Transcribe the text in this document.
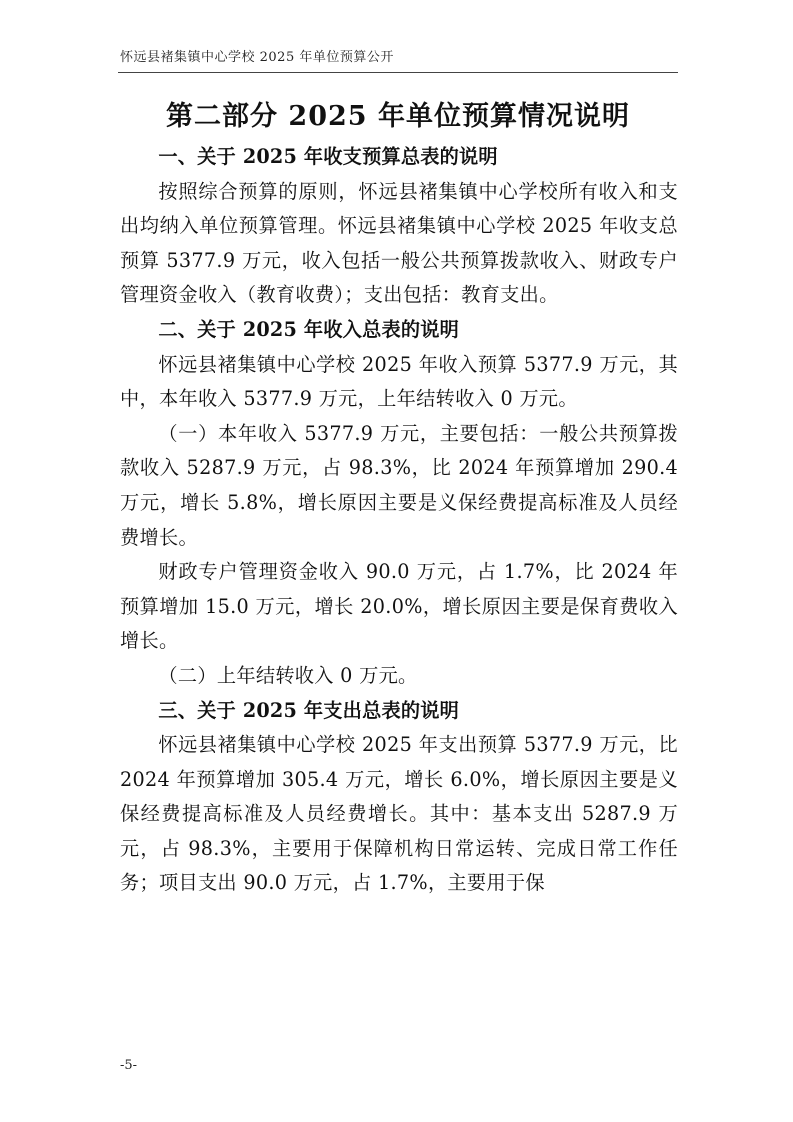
怀远县褚集镇中心学校 2025 年单位预算公开
第二部分 2025 年单位预算情况说明

一、关于 2025 年收支预算总表的说明

按照综合预算的原则，怀远县褚集镇中心学校所有收入和支出均纳入单位预算管理。怀远县褚集镇中心学校 2025 年收支总预算 5377.9 万元，收入包括一般公共预算拨款收入、财政专户管理资金收入（教育收费）；支出包括：教育支出。

二、关于 2025 年收入总表的说明

怀远县褚集镇中心学校 2025 年收入预算 5377.9 万元，其中，本年收入 5377.9 万元，上年结转收入 0 万元。

（一）本年收入 5377.9 万元，主要包括：一般公共预算拨款收入 5287.9 万元，占 98.3%，比 2024 年预算增加 290.4 万元，增长 5.8%，增长原因主要是义保经费提高标准及人员经费增长。

财政专户管理资金收入 90.0 万元，占 1.7%，比 2024 年预算增加 15.0 万元，增长 20.0%，增长原因主要是保育费收入增长。

（二）上年结转收入 0 万元。

三、关于 2025 年支出总表的说明

怀远县褚集镇中心学校 2025 年支出预算 5377.9 万元，比 2024 年预算增加 305.4 万元，增长 6.0%，增长原因主要是义保经费提高标准及人员经费增长。其中：基本支出 5287.9 万元，占 98.3%，主要用于保障机构日常运转、完成日常工作任务；项目支出 90.0 万元，占 1.7%，主要用于保

-5-
